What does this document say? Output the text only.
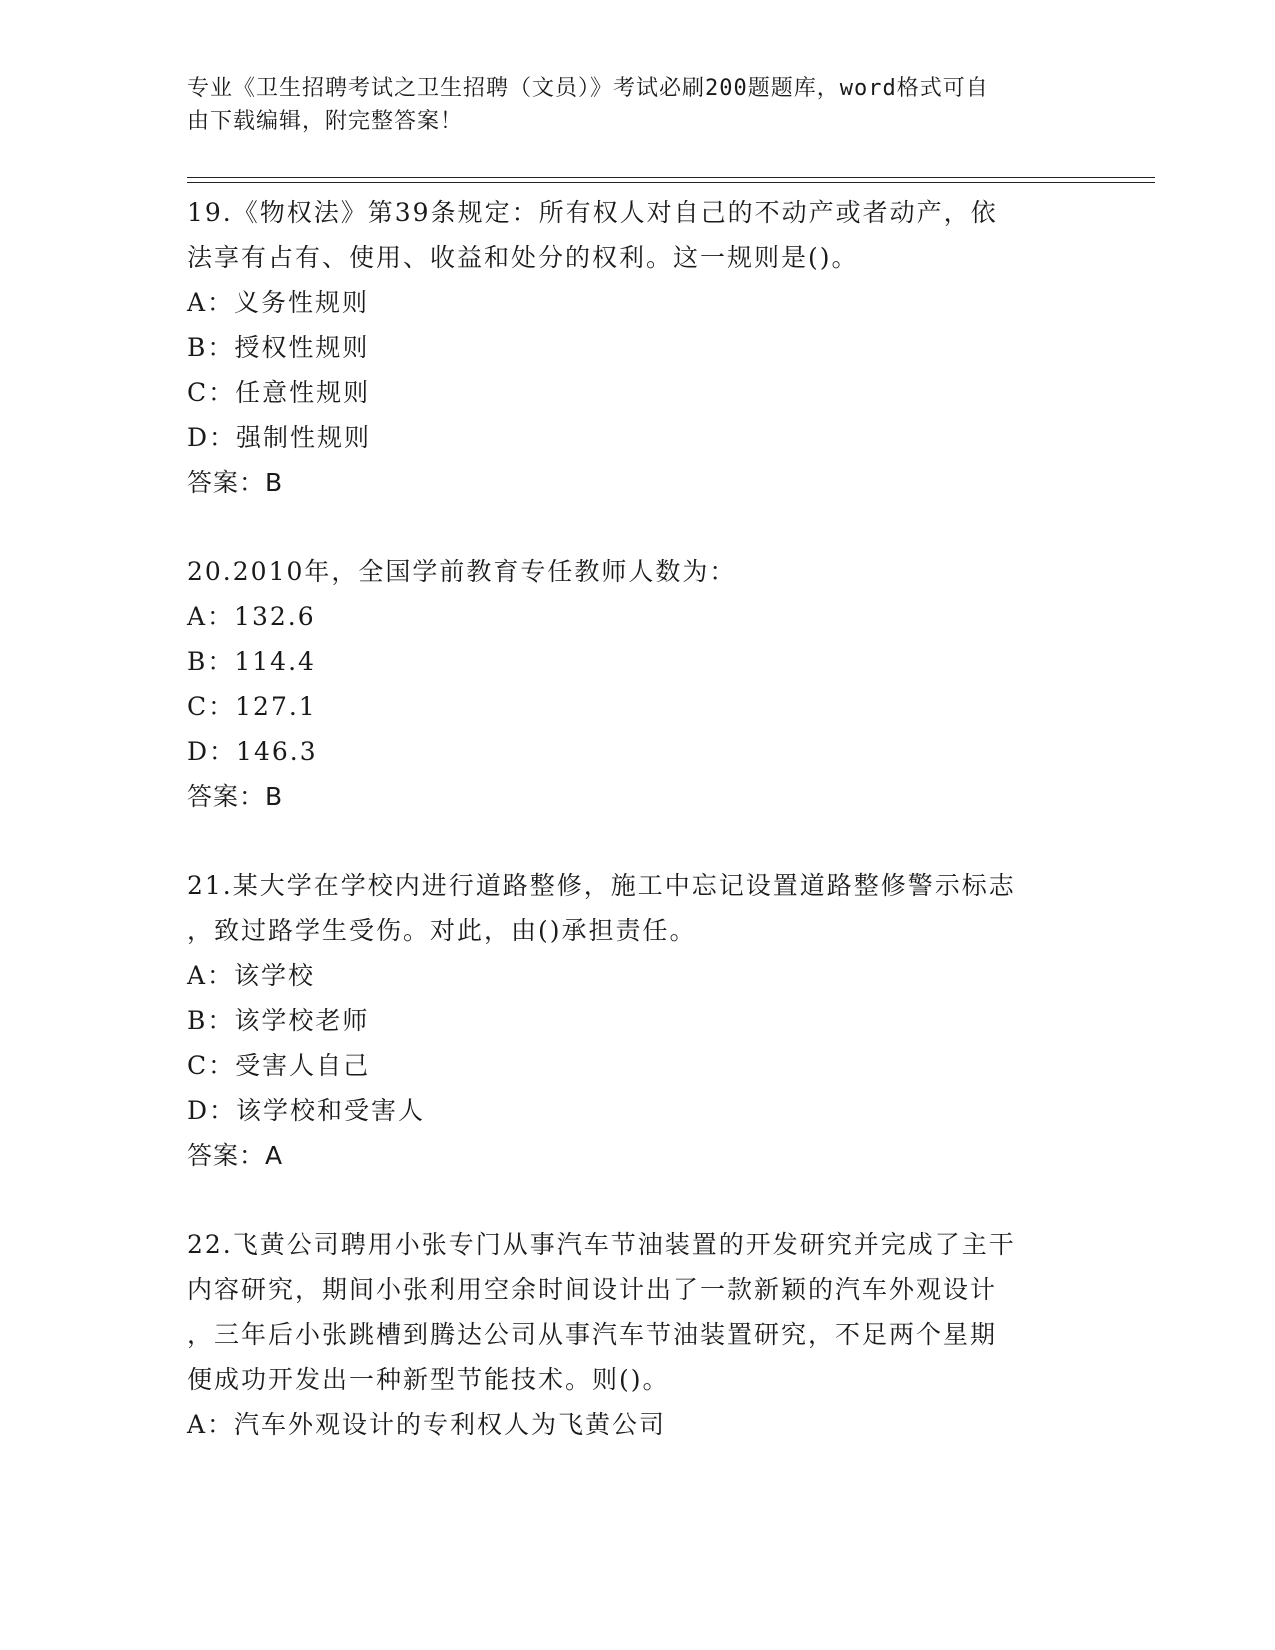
专业《卫生招聘考试之卫生招聘（文员）》考试必刷200题题库，word格式可自
由下载编辑，附完整答案！
19.《物权法》第39条规定：所有权人对自己的不动产或者动产，依
法享有占有、使用、收益和处分的权利。这一规则是()。
A：义务性规则
B：授权性规则
C：任意性规则
D：强制性规则
答案：B
20.2010年，全国学前教育专任教师人数为：
A：132.6
B：114.4
C：127.1
D：146.3
答案：B
21.某大学在学校内进行道路整修，施工中忘记设置道路整修警示标志
，致过路学生受伤。对此，由()承担责任。
A：该学校
B：该学校老师
C：受害人自己
D：该学校和受害人
答案：A
22.飞黄公司聘用小张专门从事汽车节油装置的开发研究并完成了主干
内容研究，期间小张利用空余时间设计出了一款新颖的汽车外观设计
，三年后小张跳槽到腾达公司从事汽车节油装置研究，不足两个星期
便成功开发出一种新型节能技术。则()。
A：汽车外观设计的专利权人为飞黄公司
